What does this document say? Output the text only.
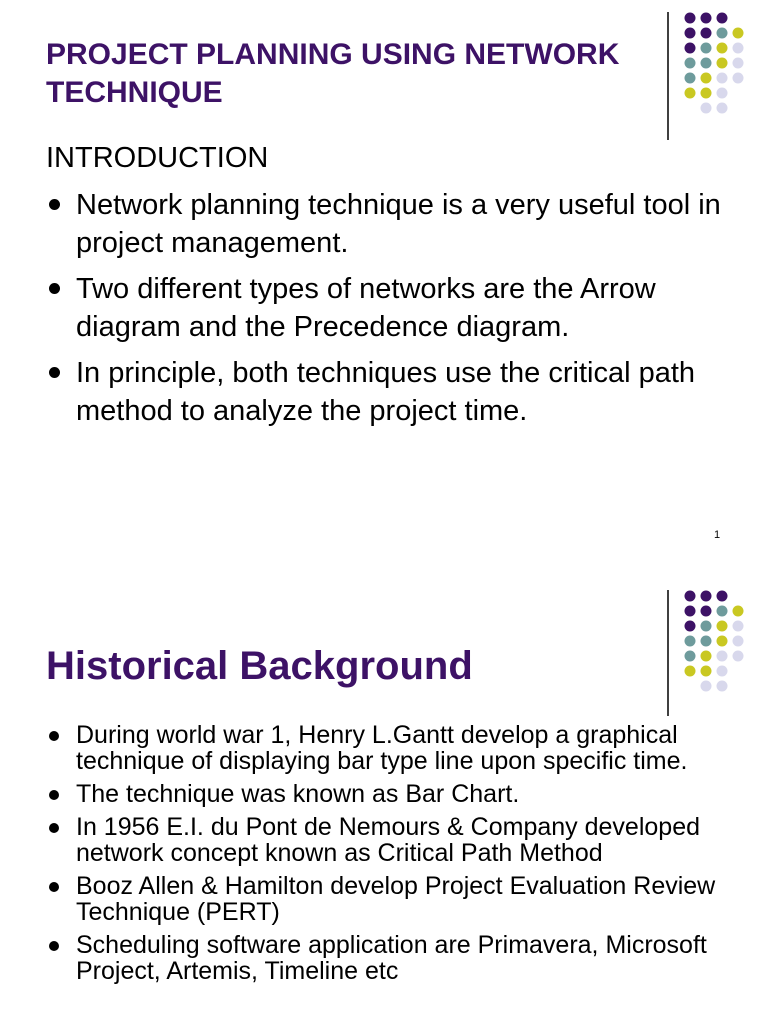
PROJECT PLANNING USING NETWORK TECHNIQUE
INTRODUCTION
Network planning technique is a very useful tool in project management.
Two different types of networks are the Arrow diagram and the Precedence diagram.
In principle, both techniques use the critical path method to analyze the project time.
1
Historical Background
During world war 1, Henry L.Gantt develop a graphical technique of displaying bar type line upon specific time.
The technique was known as Bar Chart.
In 1956 E.I. du Pont de Nemours & Company developed network concept known as Critical Path Method
Booz Allen & Hamilton develop Project Evaluation Review Technique (PERT)
Scheduling software application are Primavera, Microsoft Project, Artemis, Timeline etc
